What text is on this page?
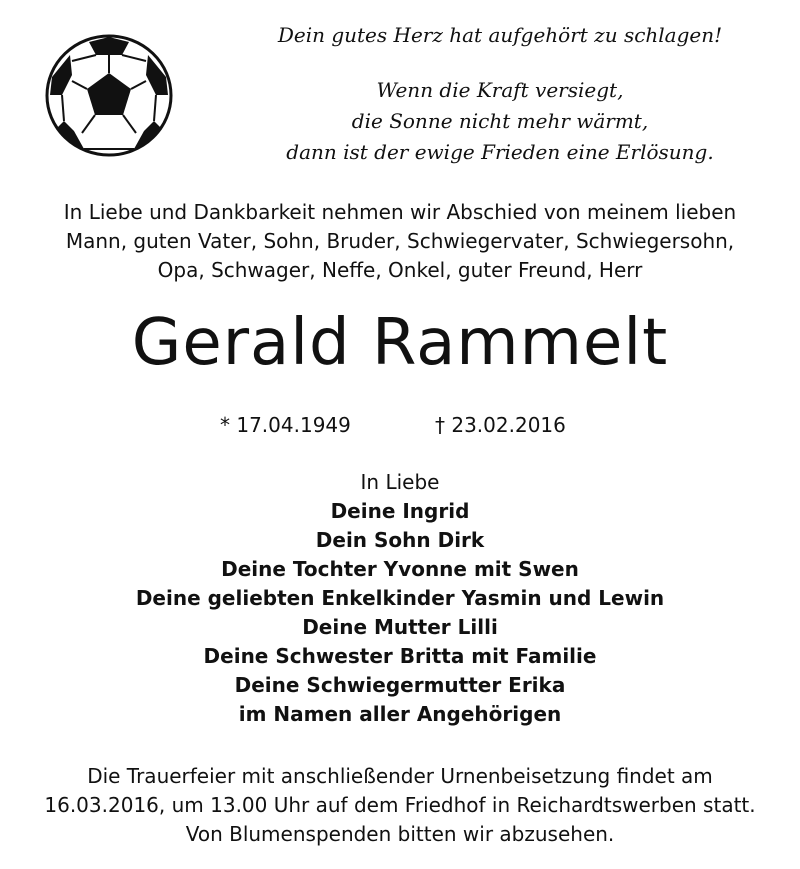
Dein gutes Herz hat aufgehört zu schlagen!
Wenn die Kraft versiegt,
die Sonne nicht mehr wärmt,
dann ist der ewige Frieden eine Erlösung.
In Liebe und Dankbarkeit nehmen wir Abschied von meinem lieben
Mann, guten Vater, Sohn, Bruder, Schwiegervater, Schwiegersohn,
Opa, Schwager, Neffe, Onkel, guter Freund, Herr
Gerald Rammelt
* 17.04.1949	† 23.02.2016
In Liebe
Deine Ingrid
Dein Sohn Dirk
Deine Tochter Yvonne mit Swen
Deine geliebten Enkelkinder Yasmin und Lewin
Deine Mutter Lilli
Deine Schwester Britta mit Familie
Deine Schwiegermutter Erika
im Namen aller Angehörigen
Die Trauerfeier mit anschließender Urnenbeisetzung findet am
16.03.2016, um 13.00 Uhr auf dem Friedhof in Reichardtswerben statt.
Von Blumenspenden bitten wir abzusehen.
